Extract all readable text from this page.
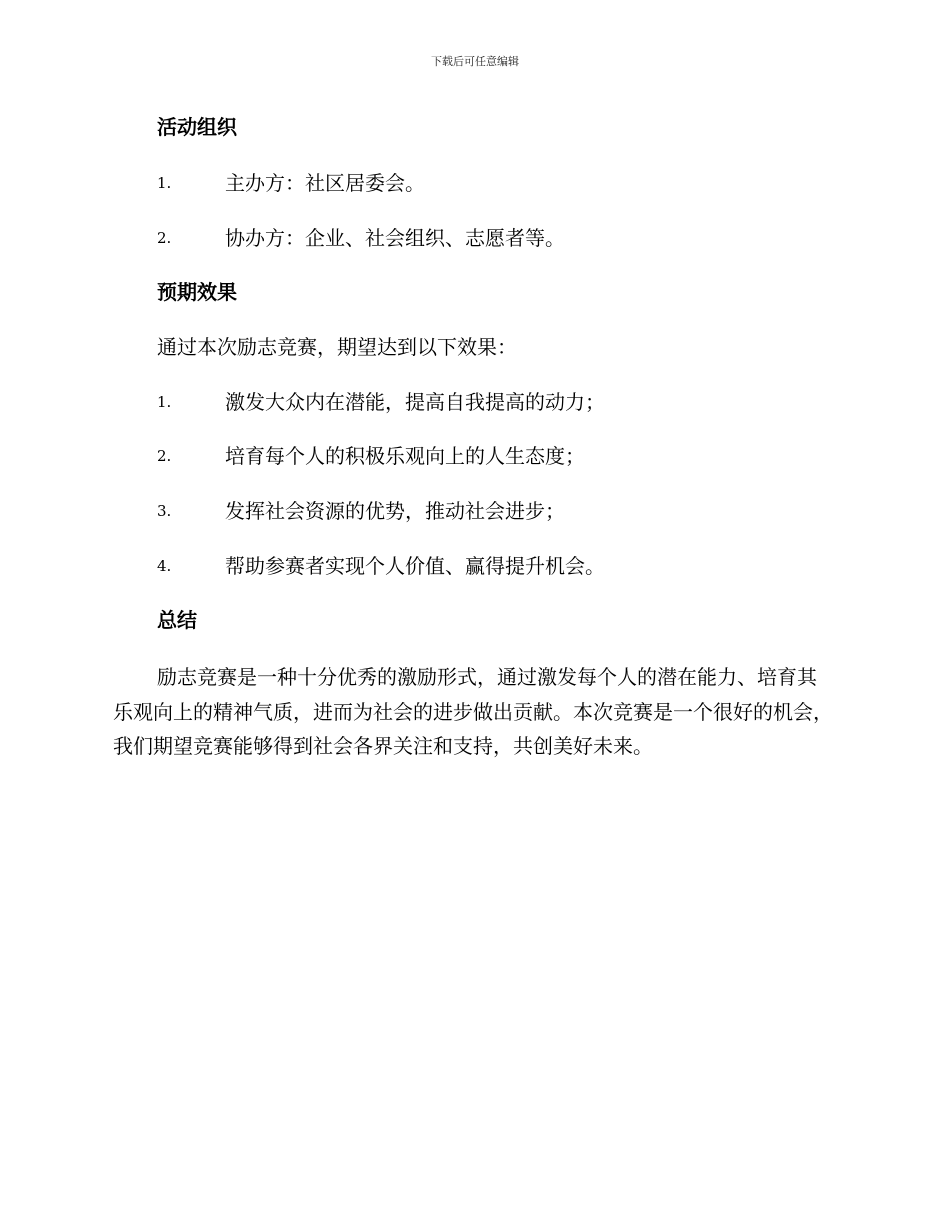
下载后可任意编辑
活动组织
1.	主办方：社区居委会。
2.	协办方：企业、社会组织、志愿者等。
预期效果

通过本次励志竞赛，期望达到以下效果：

1.	激发大众内在潜能，提高自我提高的动力；
2.	培育每个人的积极乐观向上的人生态度；
3.	发挥社会资源的优势，推动社会进步；
4.	帮助参赛者实现个人价值、赢得提升机会。
总结

励志竞赛是一种十分优秀的激励形式，通过激发每个人的潜在能力、培育其乐观向上的精神气质，进而为社会的进步做出贡献。本次竞赛是一个很好的机会，我们期望竞赛能够得到社会各界关注和支持，共创美好未来。
